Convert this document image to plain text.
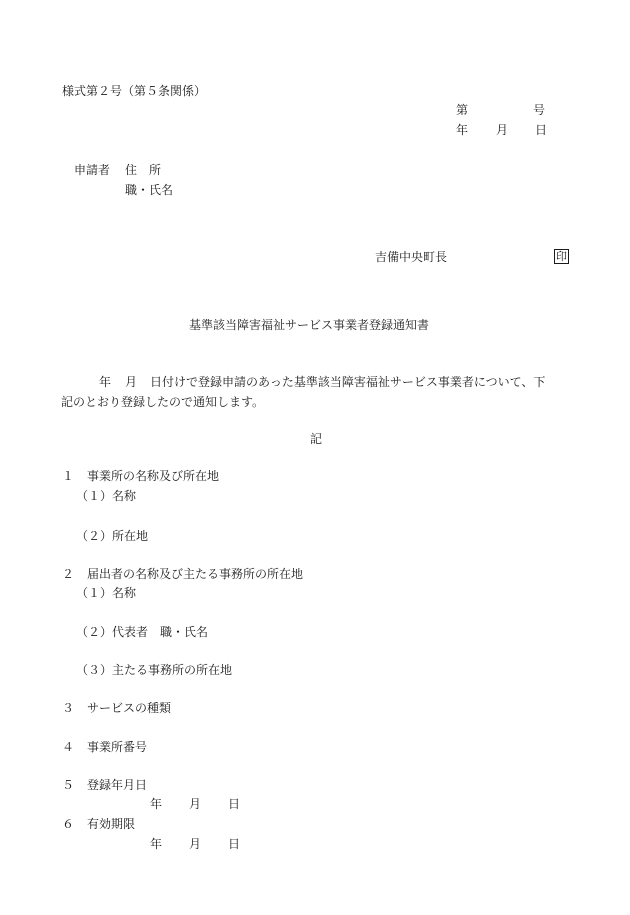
様式第２号（第５条関係）
第	号
年 月 日
申請者 住　所
職・氏名
吉備中央町長	印
基準該当障害福祉サービス事業者登録通知書
年 月 日付けで登録申請のあった基準該当障害福祉サービス事業者について、下
記のとおり登録したので通知します。
記
１ 事業所の名称及び所在地
（１）名称
（２）所在地
２ 届出者の名称及び主たる事務所の所在地
（１）名称
（２）代表者　職・氏名
（３）主たる事務所の所在地
３ サービスの種類
４ 事業所番号
５ 登録年月日
年 月 日
６ 有効期限
年 月 日
